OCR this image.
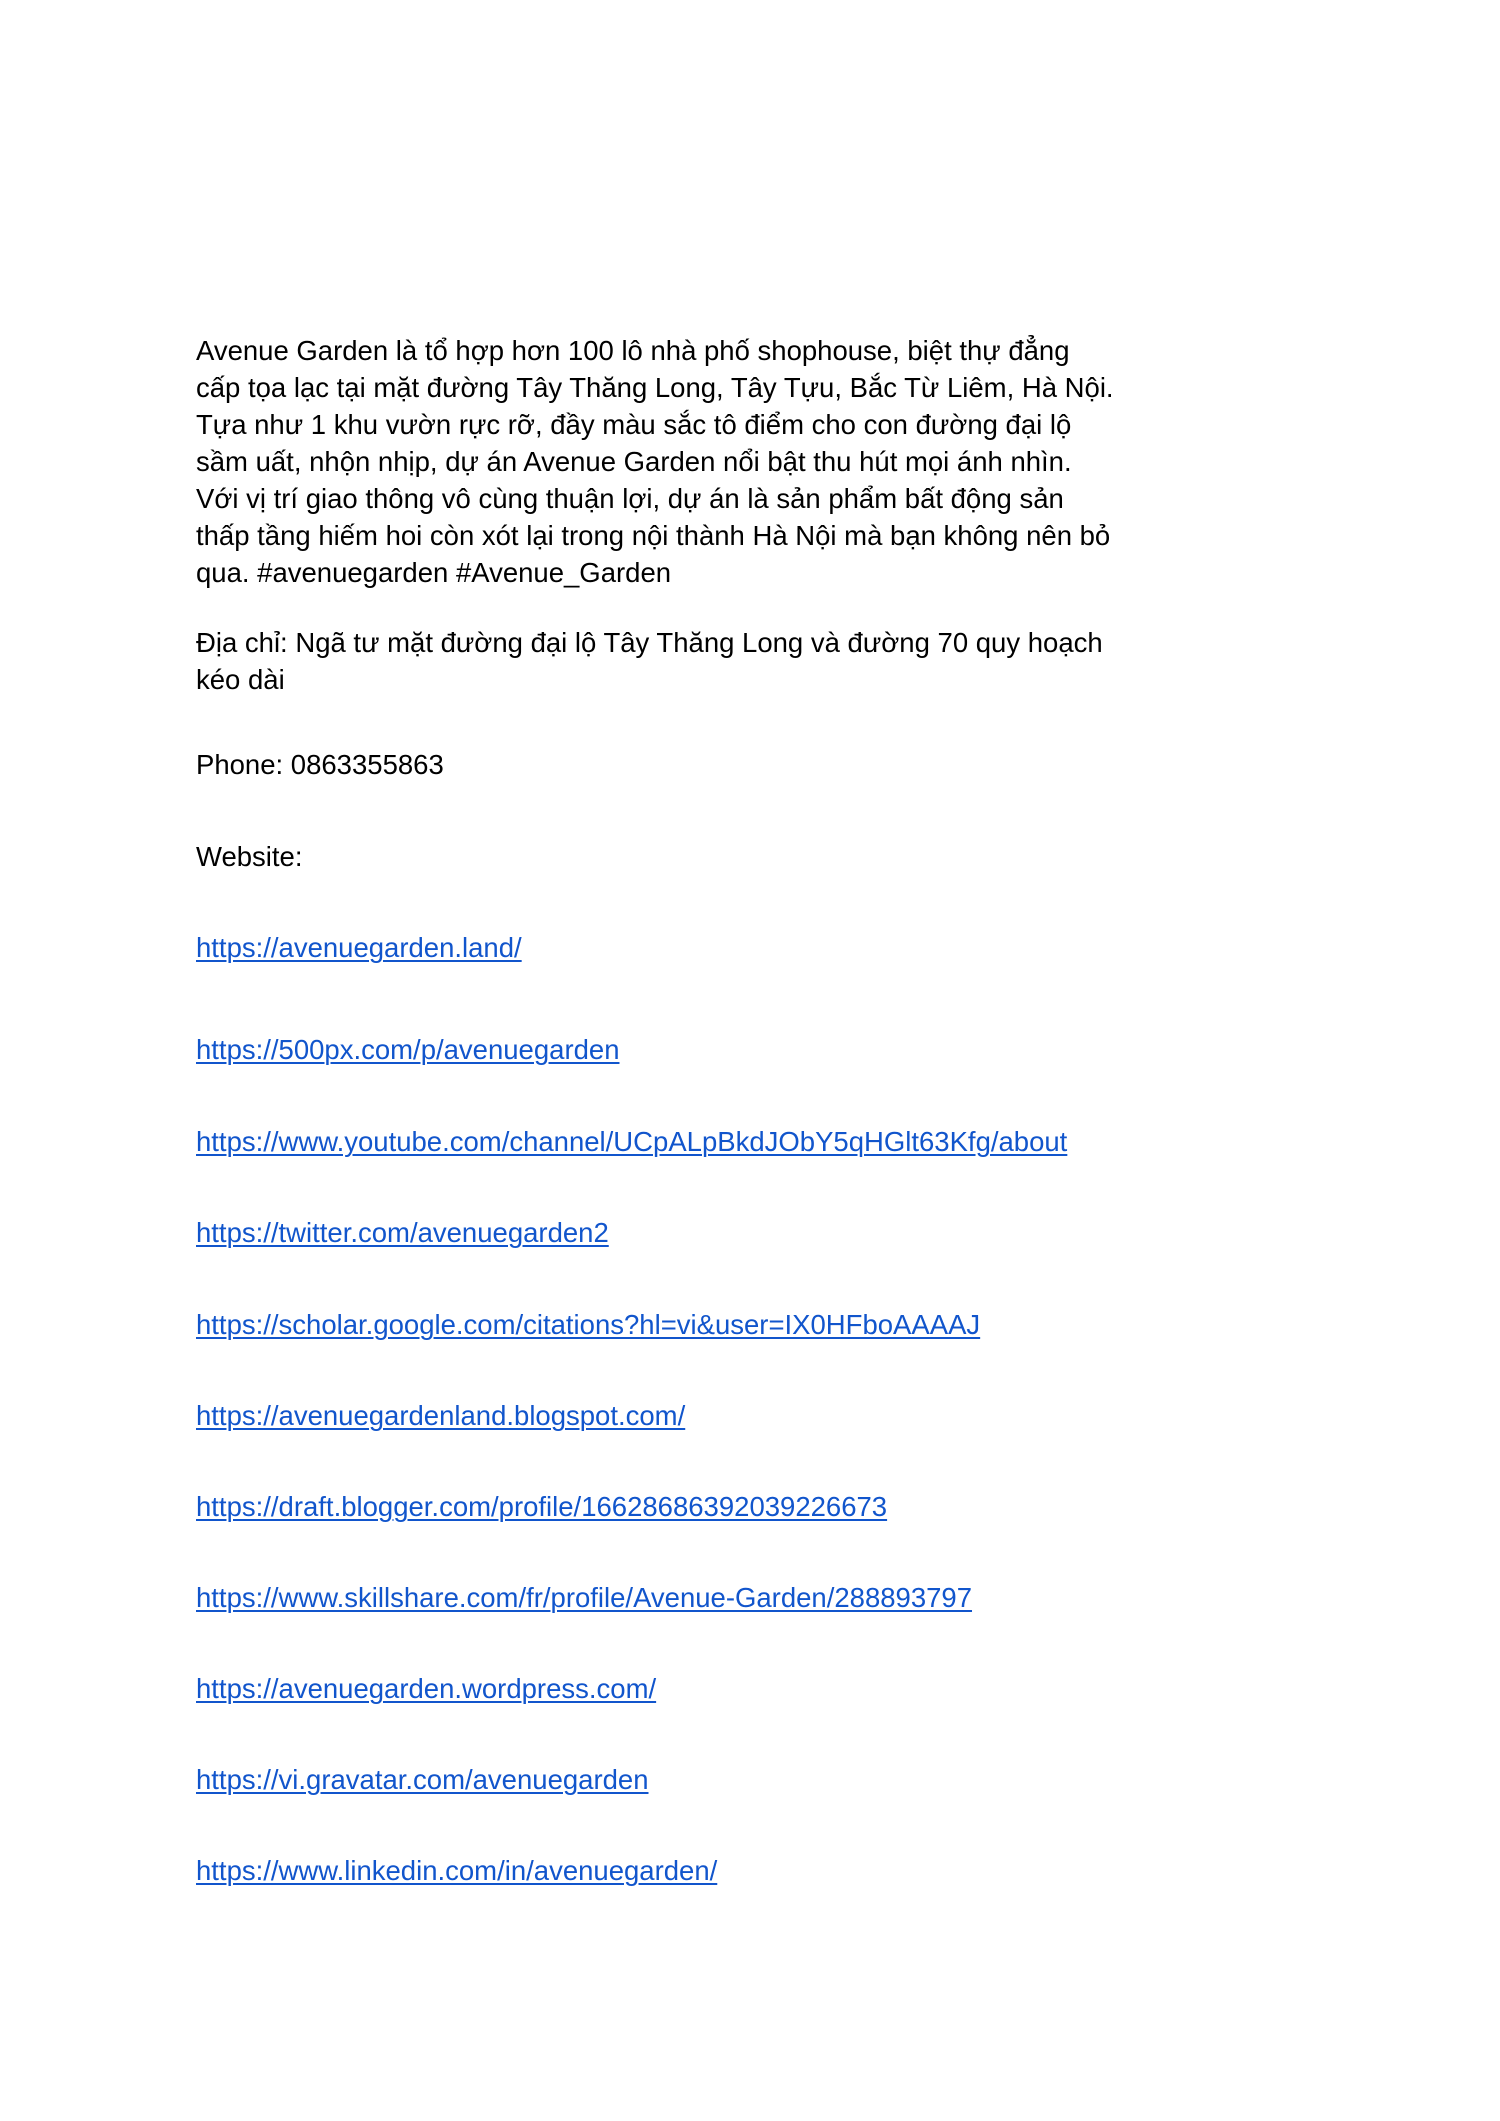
Avenue Garden là tổ hợp hơn 100 lô nhà phố shophouse, biệt thự đẳng cấp tọa lạc tại mặt đường Tây Thăng Long, Tây Tựu, Bắc Từ Liêm, Hà Nội. Tựa như 1 khu vườn rực rỡ, đầy màu sắc tô điểm cho con đường đại lộ sầm uất, nhộn nhịp, dự án Avenue Garden nổi bật thu hút mọi ánh nhìn. Với vị trí giao thông vô cùng thuận lợi, dự án là sản phẩm bất động sản thấp tầng hiếm hoi còn xót lại trong nội thành Hà Nội mà bạn không nên bỏ qua. #avenuegarden #Avenue_Garden

Địa chỉ: Ngã tư mặt đường đại lộ Tây Thăng Long và đường 70 quy hoạch kéo dài

Phone: 0863355863

Website:

https://avenuegarden.land/
https://500px.com/p/avenuegarden
https://www.youtube.com/channel/UCpALpBkdJObY5qHGlt63Kfg/about
https://twitter.com/avenuegarden2
https://scholar.google.com/citations?hl=vi&user=IX0HFboAAAAJ
https://avenuegardenland.blogspot.com/
https://draft.blogger.com/profile/16628686392039226673
https://www.skillshare.com/fr/profile/Avenue-Garden/288893797
https://avenuegarden.wordpress.com/
https://vi.gravatar.com/avenuegarden
https://www.linkedin.com/in/avenuegarden/
